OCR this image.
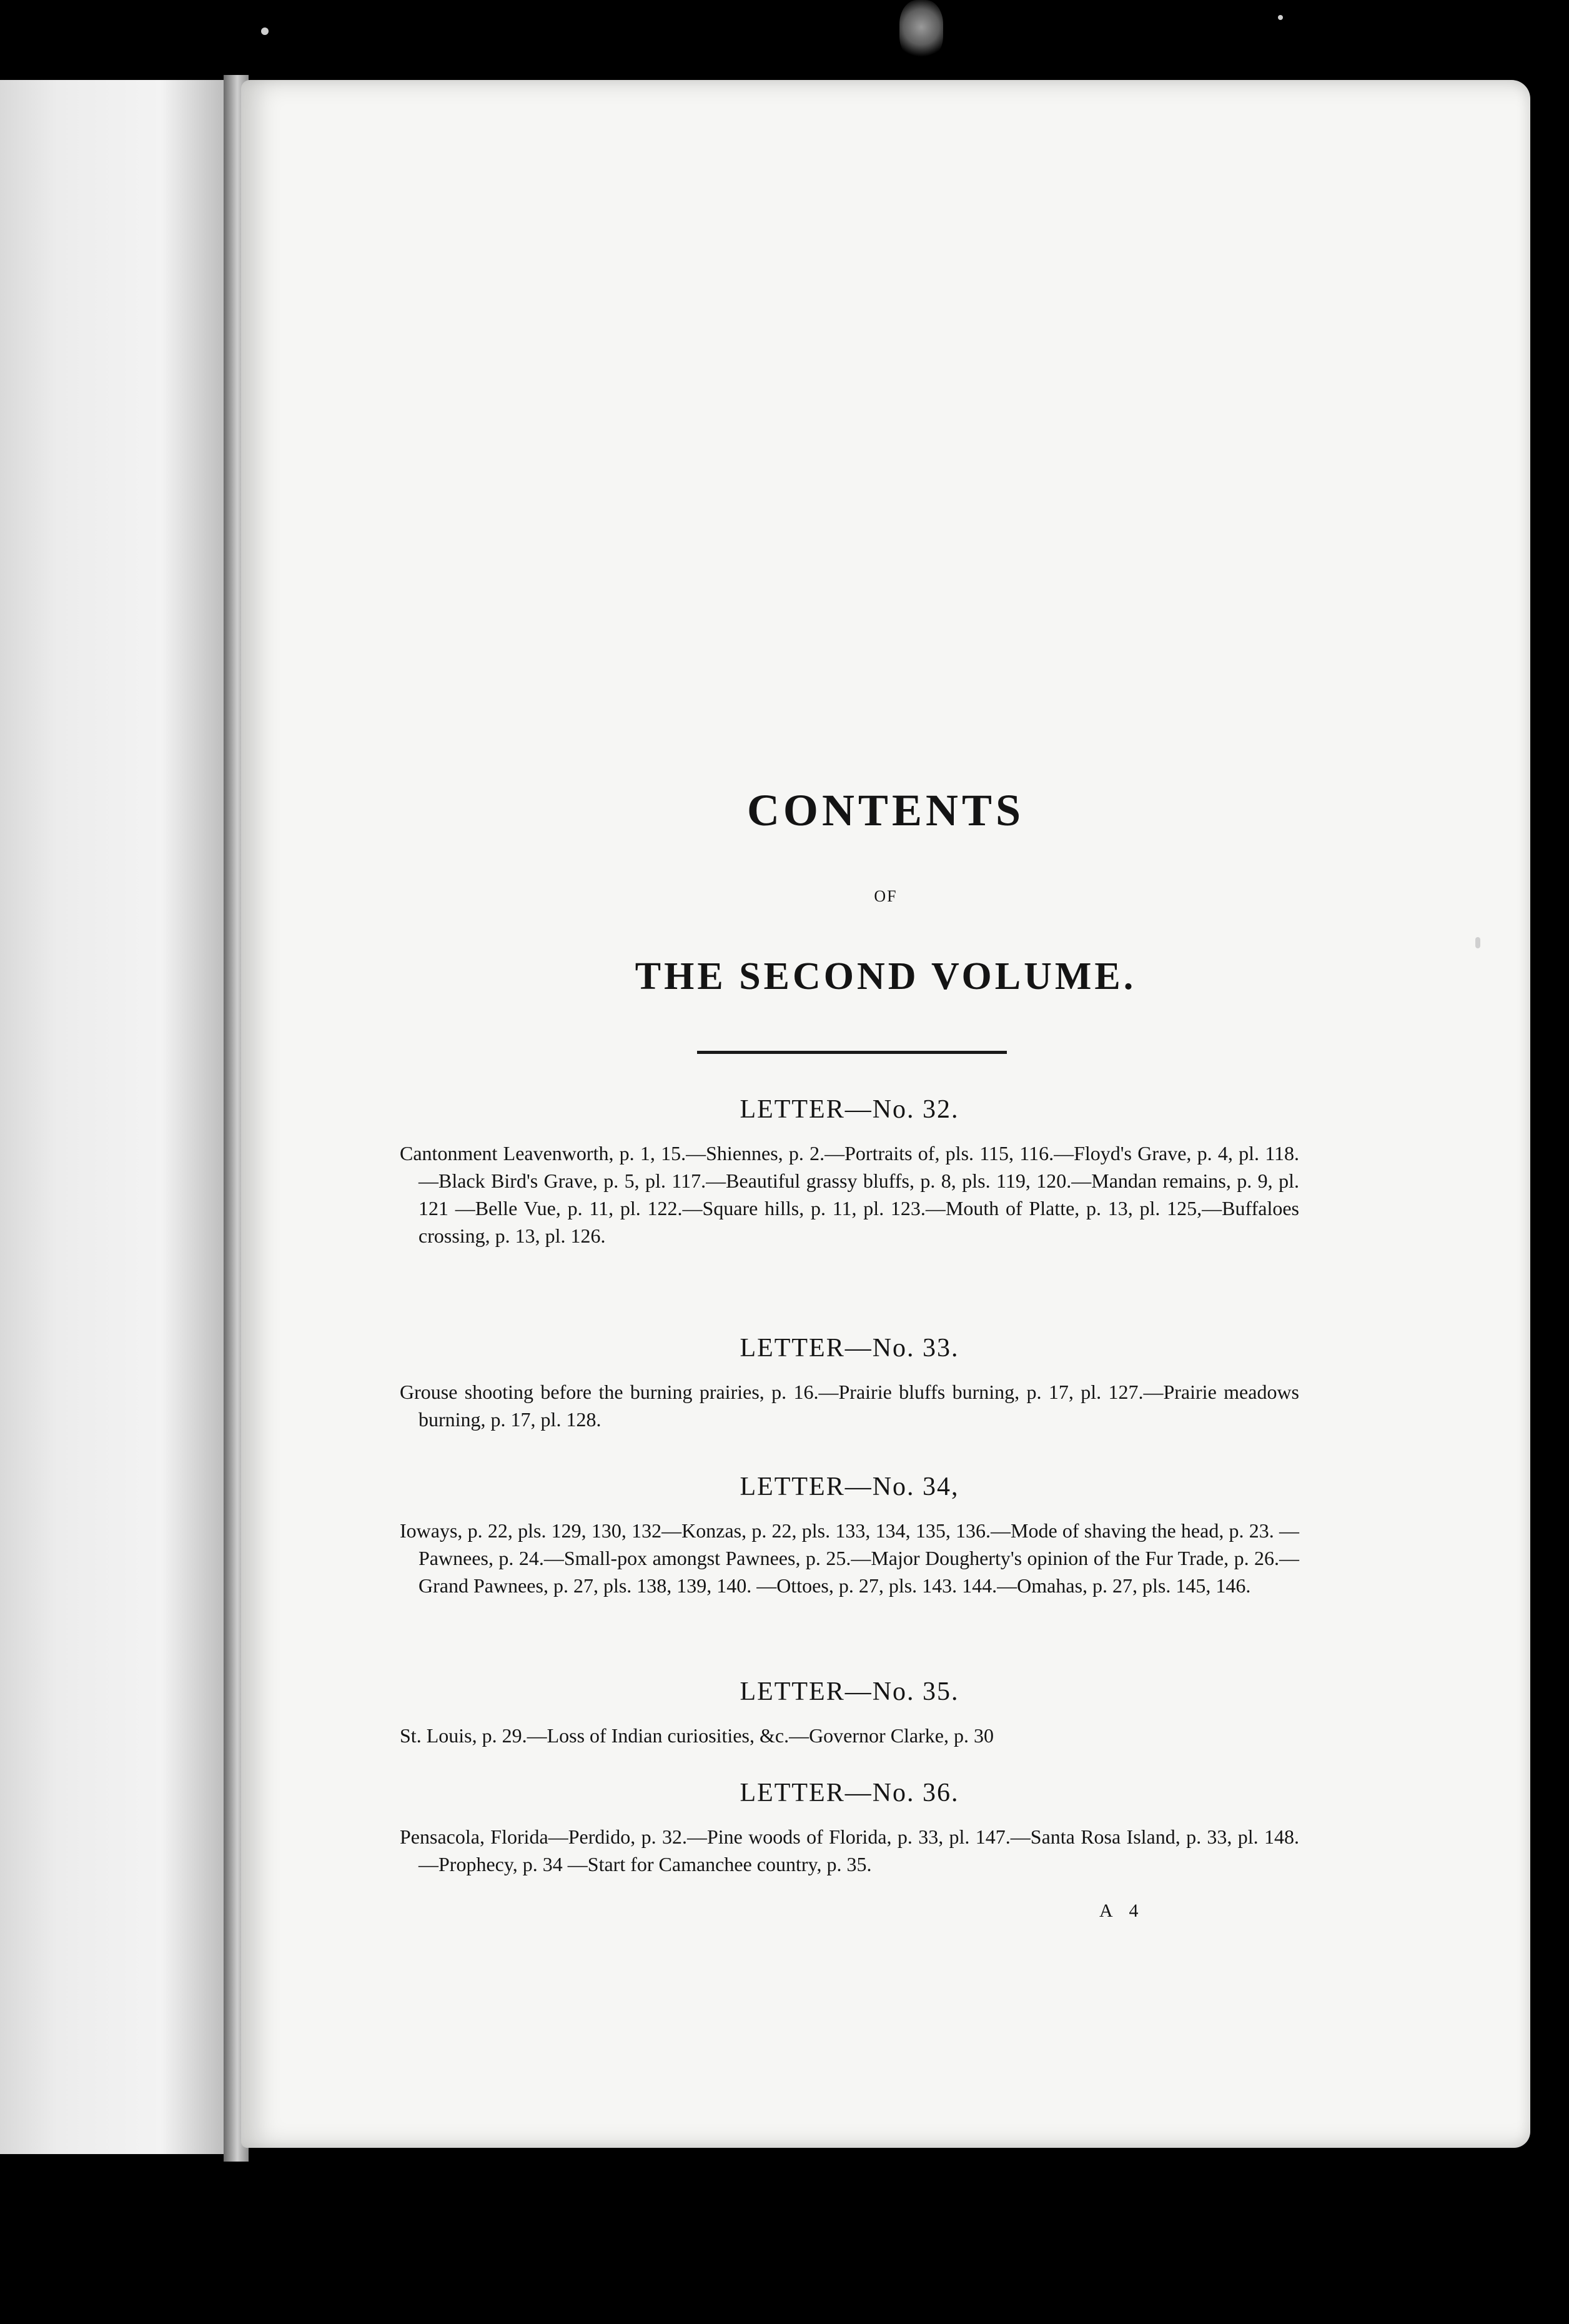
CONTENTS
OF
THE SECOND VOLUME.
LETTER—No. 32.

Cantonment Leavenworth, p. 1, 15.—Shiennes, p. 2.—Portraits of, pls. 115, 116.—Floyd's Grave, p. 4, pl. 118.—Black Bird's Grave, p. 5, pl. 117.—Beautiful grassy bluffs, p. 8, pls. 119, 120.—Mandan remains, p. 9, pl. 121 —Belle Vue, p. 11, pl. 122.—Square hills, p. 11, pl. 123.—Mouth of Platte, p. 13, pl. 125,—Buffaloes crossing, p. 13, pl. 126.

LETTER—No. 33.

Grouse shooting before the burning prairies, p. 16.—Prairie bluffs burning, p. 17, pl. 127.—Prairie meadows burning, p. 17, pl. 128.

LETTER—No. 34,

Ioways, p. 22, pls. 129, 130, 132—Konzas, p. 22, pls. 133, 134, 135, 136.—Mode of shaving the head, p. 23. —Pawnees, p. 24.—Small-pox amongst Pawnees, p. 25.—Major Dougherty's opinion of the Fur Trade, p. 26.—Grand Pawnees, p. 27, pls. 138, 139, 140. —Ottoes, p. 27, pls. 143. 144.—Omahas, p. 27, pls. 145, 146.

LETTER—No. 35.

St. Louis, p. 29.—Loss of Indian curiosities, &c.—Governor Clarke, p. 30

LETTER—No. 36.

Pensacola, Florida—Perdido, p. 32.—Pine woods of Florida, p. 33, pl. 147.—Santa Rosa Island, p. 33, pl. 148.—Prophecy, p. 34 —Start for Camanchee country, p. 35.

A 4
